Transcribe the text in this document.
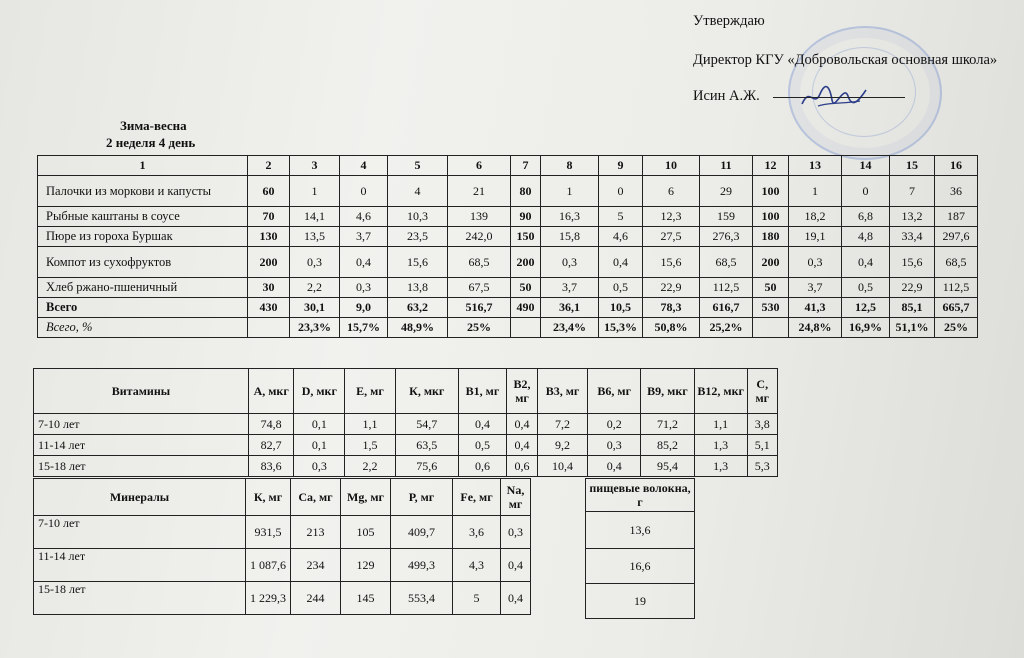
Утверждаю
Директор КГУ «Добровольская основная школа»
Исин А.Ж.
Зима-весна
2 неделя 4 день
1	2	3	4	5	6	7	8	9	10	11	12	13	14	15	16
Палочки из моркови и капусты	60	1	0	4	21	80	1	0	6	29	100	1	0	7	36
Рыбные каштаны в соусе	70	14,1	4,6	10,3	139	90	16,3	5	12,3	159	100	18,2	6,8	13,2	187
Пюре из гороха Буршак	130	13,5	3,7	23,5	242,0	150	15,8	4,6	27,5	276,3	180	19,1	4,8	33,4	297,6
Компот из сухофруктов	200	0,3	0,4	15,6	68,5	200	0,3	0,4	15,6	68,5	200	0,3	0,4	15,6	68,5
Хлеб ржано-пшеничный	30	2,2	0,3	13,8	67,5	50	3,7	0,5	22,9	112,5	50	3,7	0,5	22,9	112,5
Всего	430	30,1	9,0	63,2	516,7	490	36,1	10,5	78,3	616,7	530	41,3	12,5	85,1	665,7
Всего, %		23,3%	15,7%	48,9%	25%		23,4%	15,3%	50,8%	25,2%		24,8%	16,9%	51,1%	25%
Витамины	А, мкг	D, мкг	Е, мг	К, мкг	В1, мг	В2, мг	В3, мг	В6, мг	В9, мкг	В12, мкг	С, мг
7-10 лет	74,8	0,1	1,1	54,7	0,4	0,4	7,2	0,2	71,2	1,1	3,8
11-14 лет	82,7	0,1	1,5	63,5	0,5	0,4	9,2	0,3	85,2	1,3	5,1
15-18 лет	83,6	0,3	2,2	75,6	0,6	0,6	10,4	0,4	95,4	1,3	5,3
Минералы	К, мг	Са, мг	Mg, мг	Р, мг	Fe, мг	Na, мг
7-10 лет	931,5	213	105	409,7	3,6	0,3
11-14 лет	1 087,6	234	129	499,3	4,3	0,4
15-18 лет	1 229,3	244	145	553,4	5	0,4
пищевые волокна, г
13,6
16,6
19
